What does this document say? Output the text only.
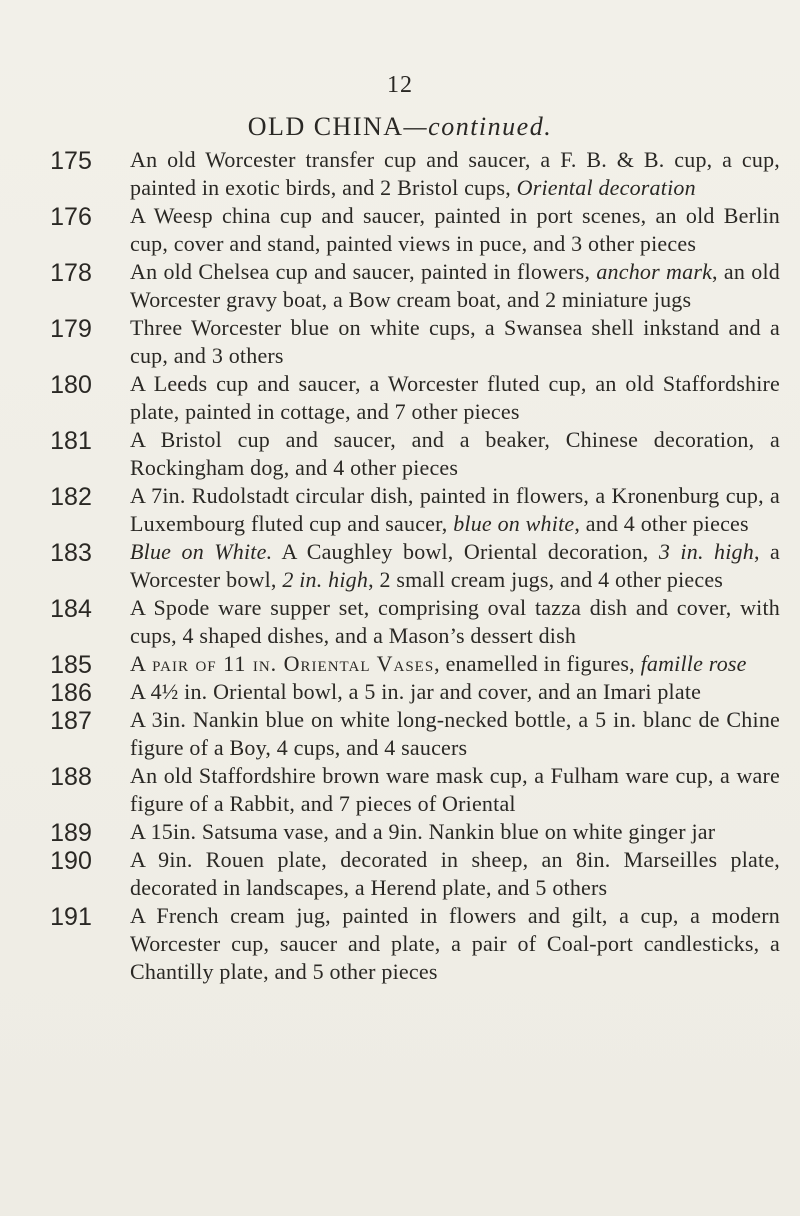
12
OLD CHINA—continued.
175	An old Worcester transfer cup and saucer, a F. B. & B. cup, a cup, painted in exotic birds, and 2 Bristol cups, Oriental decoration
176	A Weesp china cup and saucer, painted in port scenes, an old Berlin cup, cover and stand, painted views in puce, and 3 other pieces
178	An old Chelsea cup and saucer, painted in flowers, anchor mark, an old Worcester gravy boat, a Bow cream boat, and 2 miniature jugs
179	Three Worcester blue on white cups, a Swansea shell inkstand and a cup, and 3 others
180	A Leeds cup and saucer, a Worcester fluted cup, an old Staffordshire plate, painted in cottage, and 7 other pieces
181	A Bristol cup and saucer, and a beaker, Chinese decoration, a Rockingham dog, and 4 other pieces
182	A 7in. Rudolstadt circular dish, painted in flowers, a Kronenburg cup, a Luxembourg fluted cup and saucer, blue on white, and 4 other pieces
183	Blue on White. A Caughley bowl, Oriental decoration, 3 in. high, a Worcester bowl, 2 in. high, 2 small cream jugs, and 4 other pieces
184	A Spode ware supper set, comprising oval tazza dish and cover, with cups, 4 shaped dishes, and a Mason’s dessert dish
185	A pair of 11 in. Oriental Vases, enamelled in figures, famille rose
186	A 4½ in. Oriental bowl, a 5 in. jar and cover, and an Imari plate
187	A 3in. Nankin blue on white long-necked bottle, a 5 in. blanc de Chine figure of a Boy, 4 cups, and 4 saucers
188	An old Staffordshire brown ware mask cup, a Fulham ware cup, a ware figure of a Rabbit, and 7 pieces of Oriental
189	A 15in. Satsuma vase, and a 9in. Nankin blue on white ginger jar
190	A 9in. Rouen plate, decorated in sheep, an 8in. Marseilles plate, decorated in landscapes, a Herend plate, and 5 others
191	A French cream jug, painted in flowers and gilt, a cup, a modern Worcester cup, saucer and plate, a pair of Coal-port candlesticks, a Chantilly plate, and 5 other pieces
